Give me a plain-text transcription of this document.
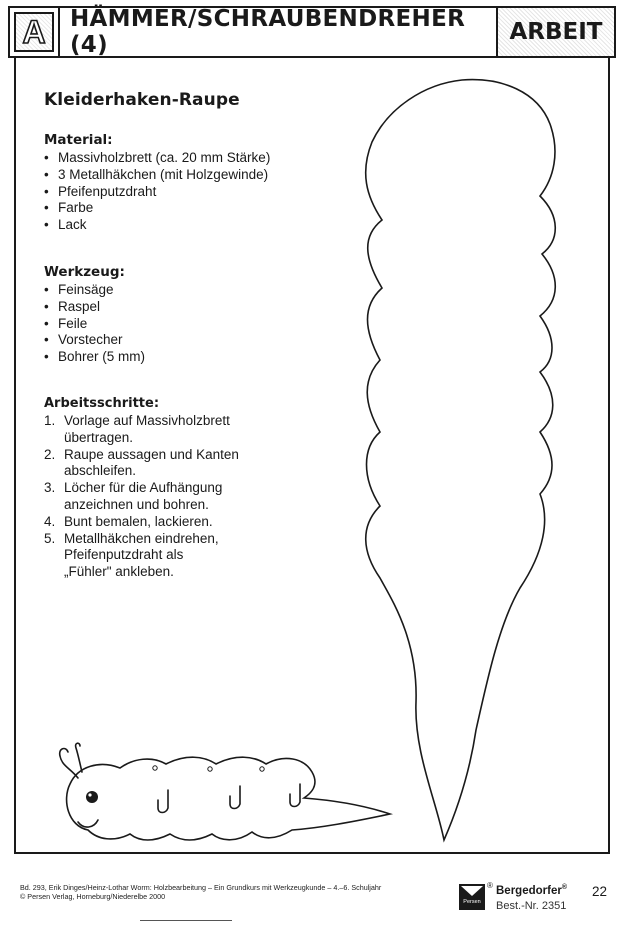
A	HÄMMER/SCHRAUBENDREHER (4)	ARBEIT
Kleiderhaken-Raupe
Material:
• Massivholzbrett (ca. 20 mm Stärke)
• 3 Metallhäkchen (mit Holzgewinde)
• Pfeifenputzdraht
• Farbe
• Lack
Werkzeug:
• Feinsäge
• Raspel
• Feile
• Vorstecher
• Bohrer (5 mm)
Arbeitsschritte:
1. Vorlage auf Massivholzbrett
übertragen.
2. Raupe aussagen und Kanten
abschleifen.
3. Löcher für die Aufhängung
anzeichnen und bohren.
4. Bunt bemalen, lackieren.
5. Metallhäkchen eindrehen,
Pfeifenputzdraht als
„Fühler" ankleben.
Bd. 293, Erik Dinges/Heinz-Lothar Worm: Holzbearbeitung – Ein Grundkurs mit Werkzeugkunde – 4.–6. Schuljahr
© Persen Verlag, Horneburg/Niederelbe 2000
Persen
® Bergedorfer®
Best.-Nr. 2351
22
